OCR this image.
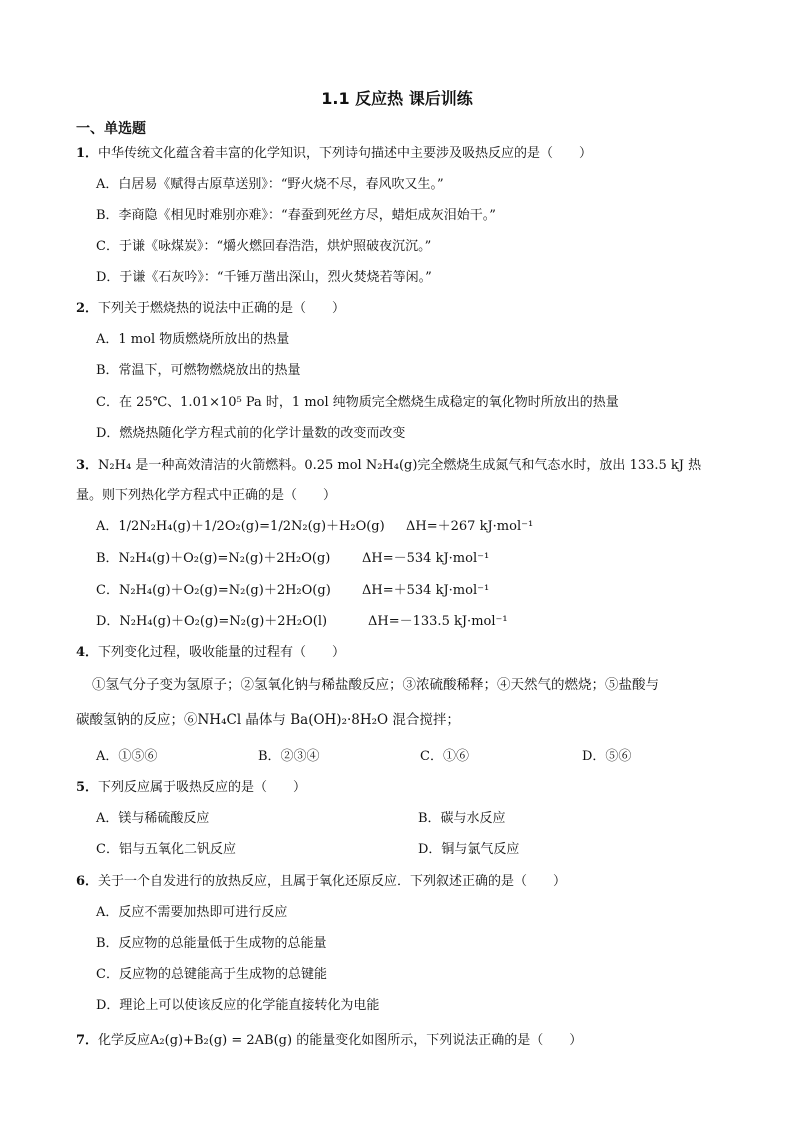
1.1 反应热 课后训练
一、单选题
1．中华传统文化蕴含着丰富的化学知识，下列诗句描述中主要涉及吸热反应的是（　　）
A．白居易《赋得古原草送别》：“野火烧不尽，春风吹又生。”
B．李商隐《相见时难别亦难》：“春蚕到死丝方尽，蜡炬成灰泪始干。”
C．于谦《咏煤炭》：“爝火燃回春浩浩，烘炉照破夜沉沉。”
D．于谦《石灰吟》：“千锤万凿出深山，烈火焚烧若等闲。”
2．下列关于燃烧热的说法中正确的是（　　）
A．1 mol 物质燃烧所放出的热量
B．常温下，可燃物燃烧放出的热量
C．在 25℃、1.01×10⁵ Pa 时，1 mol 纯物质完全燃烧生成稳定的氧化物时所放出的热量
D．燃烧热随化学方程式前的化学计量数的改变而改变
3．N₂H₄ 是一种高效清洁的火箭燃料。0.25 mol N₂H₄(g)完全燃烧生成氮气和气态水时，放出 133.5 kJ 热
量。则下列热化学方程式中正确的是（　　）
A．1/2N₂H₄(g)＋1/2O₂(g)=1/2N₂(g)＋H₂O(g) ΔH=＋267 kJ·mol⁻¹
B．N₂H₄(g)＋O₂(g)=N₂(g)＋2H₂O(g) ΔH=－534 kJ·mol⁻¹
C．N₂H₄(g)＋O₂(g)=N₂(g)＋2H₂O(g) ΔH=＋534 kJ·mol⁻¹
D．N₂H₄(g)＋O₂(g)=N₂(g)＋2H₂O(l)	ΔH=－133.5 kJ·mol⁻¹
4．下列变化过程，吸收能量的过程有（　　）
①氢气分子变为氢原子；②氢氧化钠与稀盐酸反应；③浓硫酸稀释；④天然气的燃烧；⑤盐酸与
碳酸氢钠的反应；⑥NH₄Cl 晶体与 Ba(OH)₂·8H₂O 混合搅拌；
A．①⑤⑥	B．②③④	C．①⑥	D．⑤⑥
5．下列反应属于吸热反应的是（　　）
A．镁与稀硫酸反应	B．碳与水反应
C．铝与五氧化二钒反应	D．铜与氯气反应
6．关于一个自发进行的放热反应，且属于氧化还原反应．下列叙述正确的是（　　）
A．反应不需要加热即可进行反应
B．反应物的总能量低于生成物的总能量
C．反应物的总键能高于生成物的总键能
D．理论上可以使该反应的化学能直接转化为电能
7．化学反应A₂(g)+B₂(g) = 2AB(g) 的能量变化如图所示，下列说法正确的是（　　）
